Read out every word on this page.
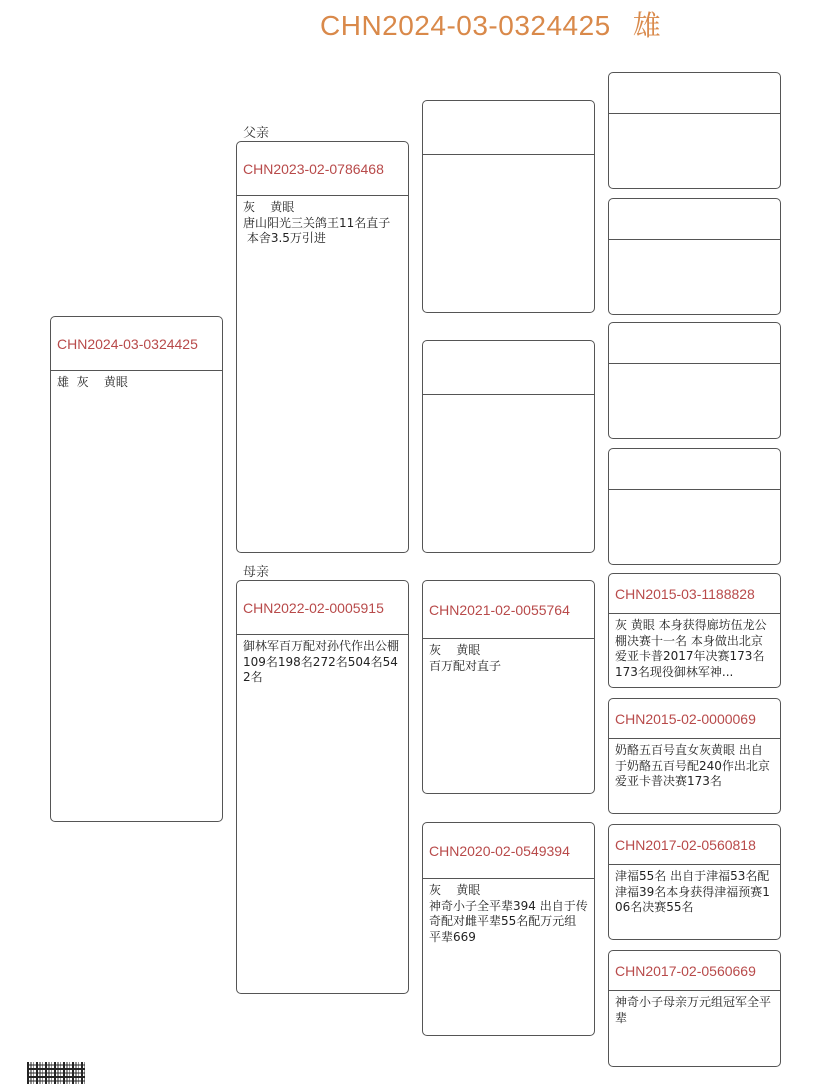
CHN2024-03-0324425 雄
父亲
母亲
CHN2024-03-0324425
雄  灰    黄眼
CHN2023-02-0786468
灰    黄眼
唐山阳光三关鸽王11名直子
本舍3.5万引进
CHN2022-02-0005915
御林军百万配对孙代作出公棚109名198名272名504名542名
CHN2021-02-0055764
灰    黄眼
百万配对直子
CHN2020-02-0549394
灰    黄眼
神奇小子全平辈394 出自于传奇配对雌平辈55名配万元组平辈669
CHN2015-03-1188828
灰 黄眼 本身获得廊坊伍龙公棚决赛十一名 本身做出北京爱亚卡普2017年决赛173名 173名现役御林军神...
CHN2015-02-0000069
奶酪五百号直女灰黄眼 出自于奶酪五百号配240作出北京爱亚卡普决赛173名
CHN2017-02-0560818
津福55名 出自于津福53名配津福39名本身获得津福预赛106名决赛55名
CHN2017-02-0560669
神奇小子母亲万元组冠军全平辈
